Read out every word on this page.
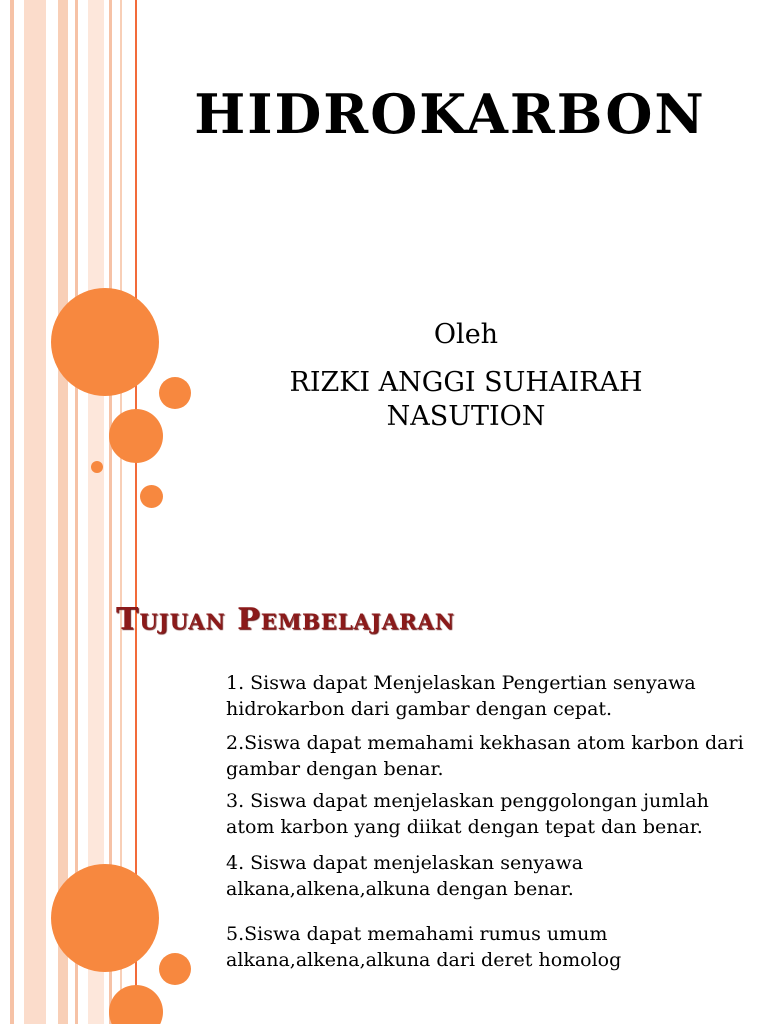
HIDROKARBON
Oleh
RIZKI ANGGI SUHAIRAH
NASUTION
Tujuan Pembelajaran
1. Siswa dapat Menjelaskan Pengertian senyawa hidrokarbon dari gambar dengan cepat.
2.Siswa dapat memahami kekhasan atom karbon dari gambar dengan benar.
3. Siswa dapat menjelaskan penggolongan jumlah atom karbon yang diikat dengan tepat dan benar.
4. Siswa dapat menjelaskan senyawa alkana,alkena,alkuna dengan benar.
5.Siswa dapat memahami rumus umum alkana,alkena,alkuna dari deret homolog
